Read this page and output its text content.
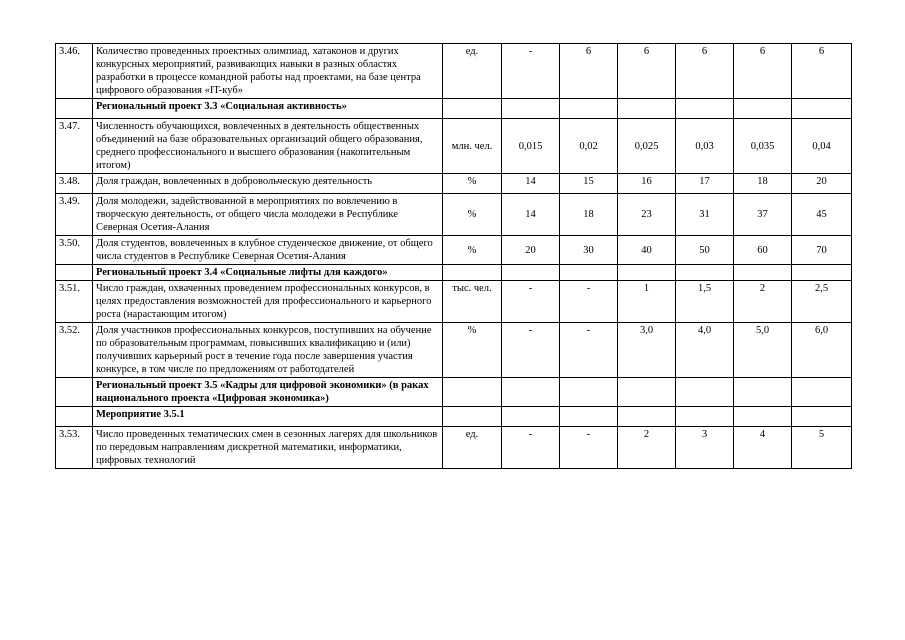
3.46.	Количество проведенных проектных олимпиад, хатаконов и других конкурсных мероприятий, развивающих навыки в разных областях разработки в процессе командной работы над проектами, на базе центра цифрового образования «IT-куб»	ед.	-	6	6	6	6	6
	Региональный проект 3.3 «Социальная активность»							
3.47.	Численность обучающихся, вовлеченных в деятельность общественных объединений на базе образовательных организаций общего образования, среднего профессионального и высшего образования (накопительным итогом)	млн. чел.	0,015	0,02	0,025	0,03	0,035	0,04
3.48.	Доля граждан, вовлеченных в добровольческую деятельность	%	14	15	16	17	18	20
3.49.	Доля молодежи, задействованной в мероприятиях по вовлечению в творческую деятельность, от общего числа молодежи в Республике Северная Осетия-Алания	%	14	18	23	31	37	45
3.50.	Доля студентов, вовлеченных в клубное студенческое движение, от общего числа студентов в Республике Северная Осетия-Алания	%	20	30	40	50	60	70
	Региональный проект 3.4 «Социальные лифты для каждого»							
3.51.	Число граждан, охваченных проведением профессиональных конкурсов, в целях предоставления возможностей для профессионального и карьерного роста (нарастающим итогом)	тыс. чел.	-	-	1	1,5	2	2,5
3.52.	Доля участников профессиональных конкурсов, поступивших на обучение по образовательным программам, повысивших квалификацию и (или) получивших карьерный рост в течение года после завершения участия конкурсе, в том числе по предложениям от работодателей	%	-	-	3,0	4,0	5,0	6,0
	Региональный проект 3.5 «Кадры для цифровой экономики» (в раках национального проекта «Цифровая экономика»)							
	Мероприятие 3.5.1							
3.53.	Число проведенных тематических смен в сезонных лагерях для школьников по передовым направлениям дискретной математики, информатики, цифровых технологий	ед.	-	-	2	3	4	5
